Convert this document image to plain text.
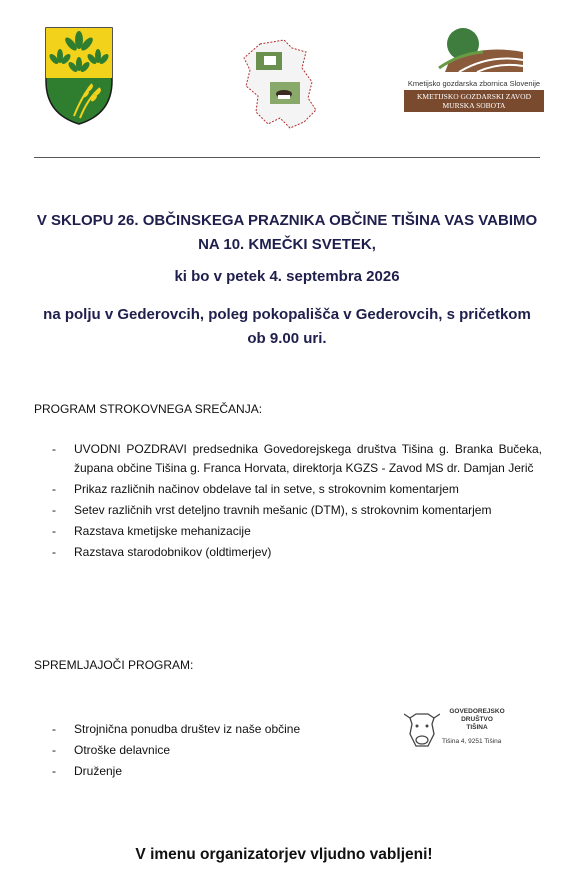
Kmetijsko gozdarska zbornica Slovenije
KMETIJSKO GOZDARSKI ZAVOD
MURSKA SOBOTA
V SKLOPU 26. OBČINSKEGA PRAZNIKA OBČINE TIŠINA VAS VABIMO NA 10. KMEČKI SVETEK,
ki bo v petek 4. septembra 2026
na polju v Gederovcih, poleg pokopališča v Gederovcih, s pričetkom ob 9.00 uri.
PROGRAM STROKOVNEGA SREČANJA:
- UVODNI POZDRAVI predsednika Govedorejskega društva Tišina g. Branka Bučeka, župana občine Tišina g. Franca Horvata, direktorja KGZS - Zavod MS dr. Damjan Jerič
- Prikaz različnih načinov obdelave tal in setve, s strokovnim komentarjem
- Setev različnih vrst deteljno travnih mešanic (DTM), s strokovnim komentarjem
- Razstava kmetijske mehanizacije
- Razstava starodobnikov (oldtimerjev)
SPREMLJAJOČI PROGRAM:
- Strojnična ponudba društev iz naše občine
- Otroške delavnice
- Druženje
GOVEDOREJSKO
DRUŠTVO
TIŠINA
Tišina 4, 9251 Tišina
V imenu organizatorjev vljudno vabljeni!
